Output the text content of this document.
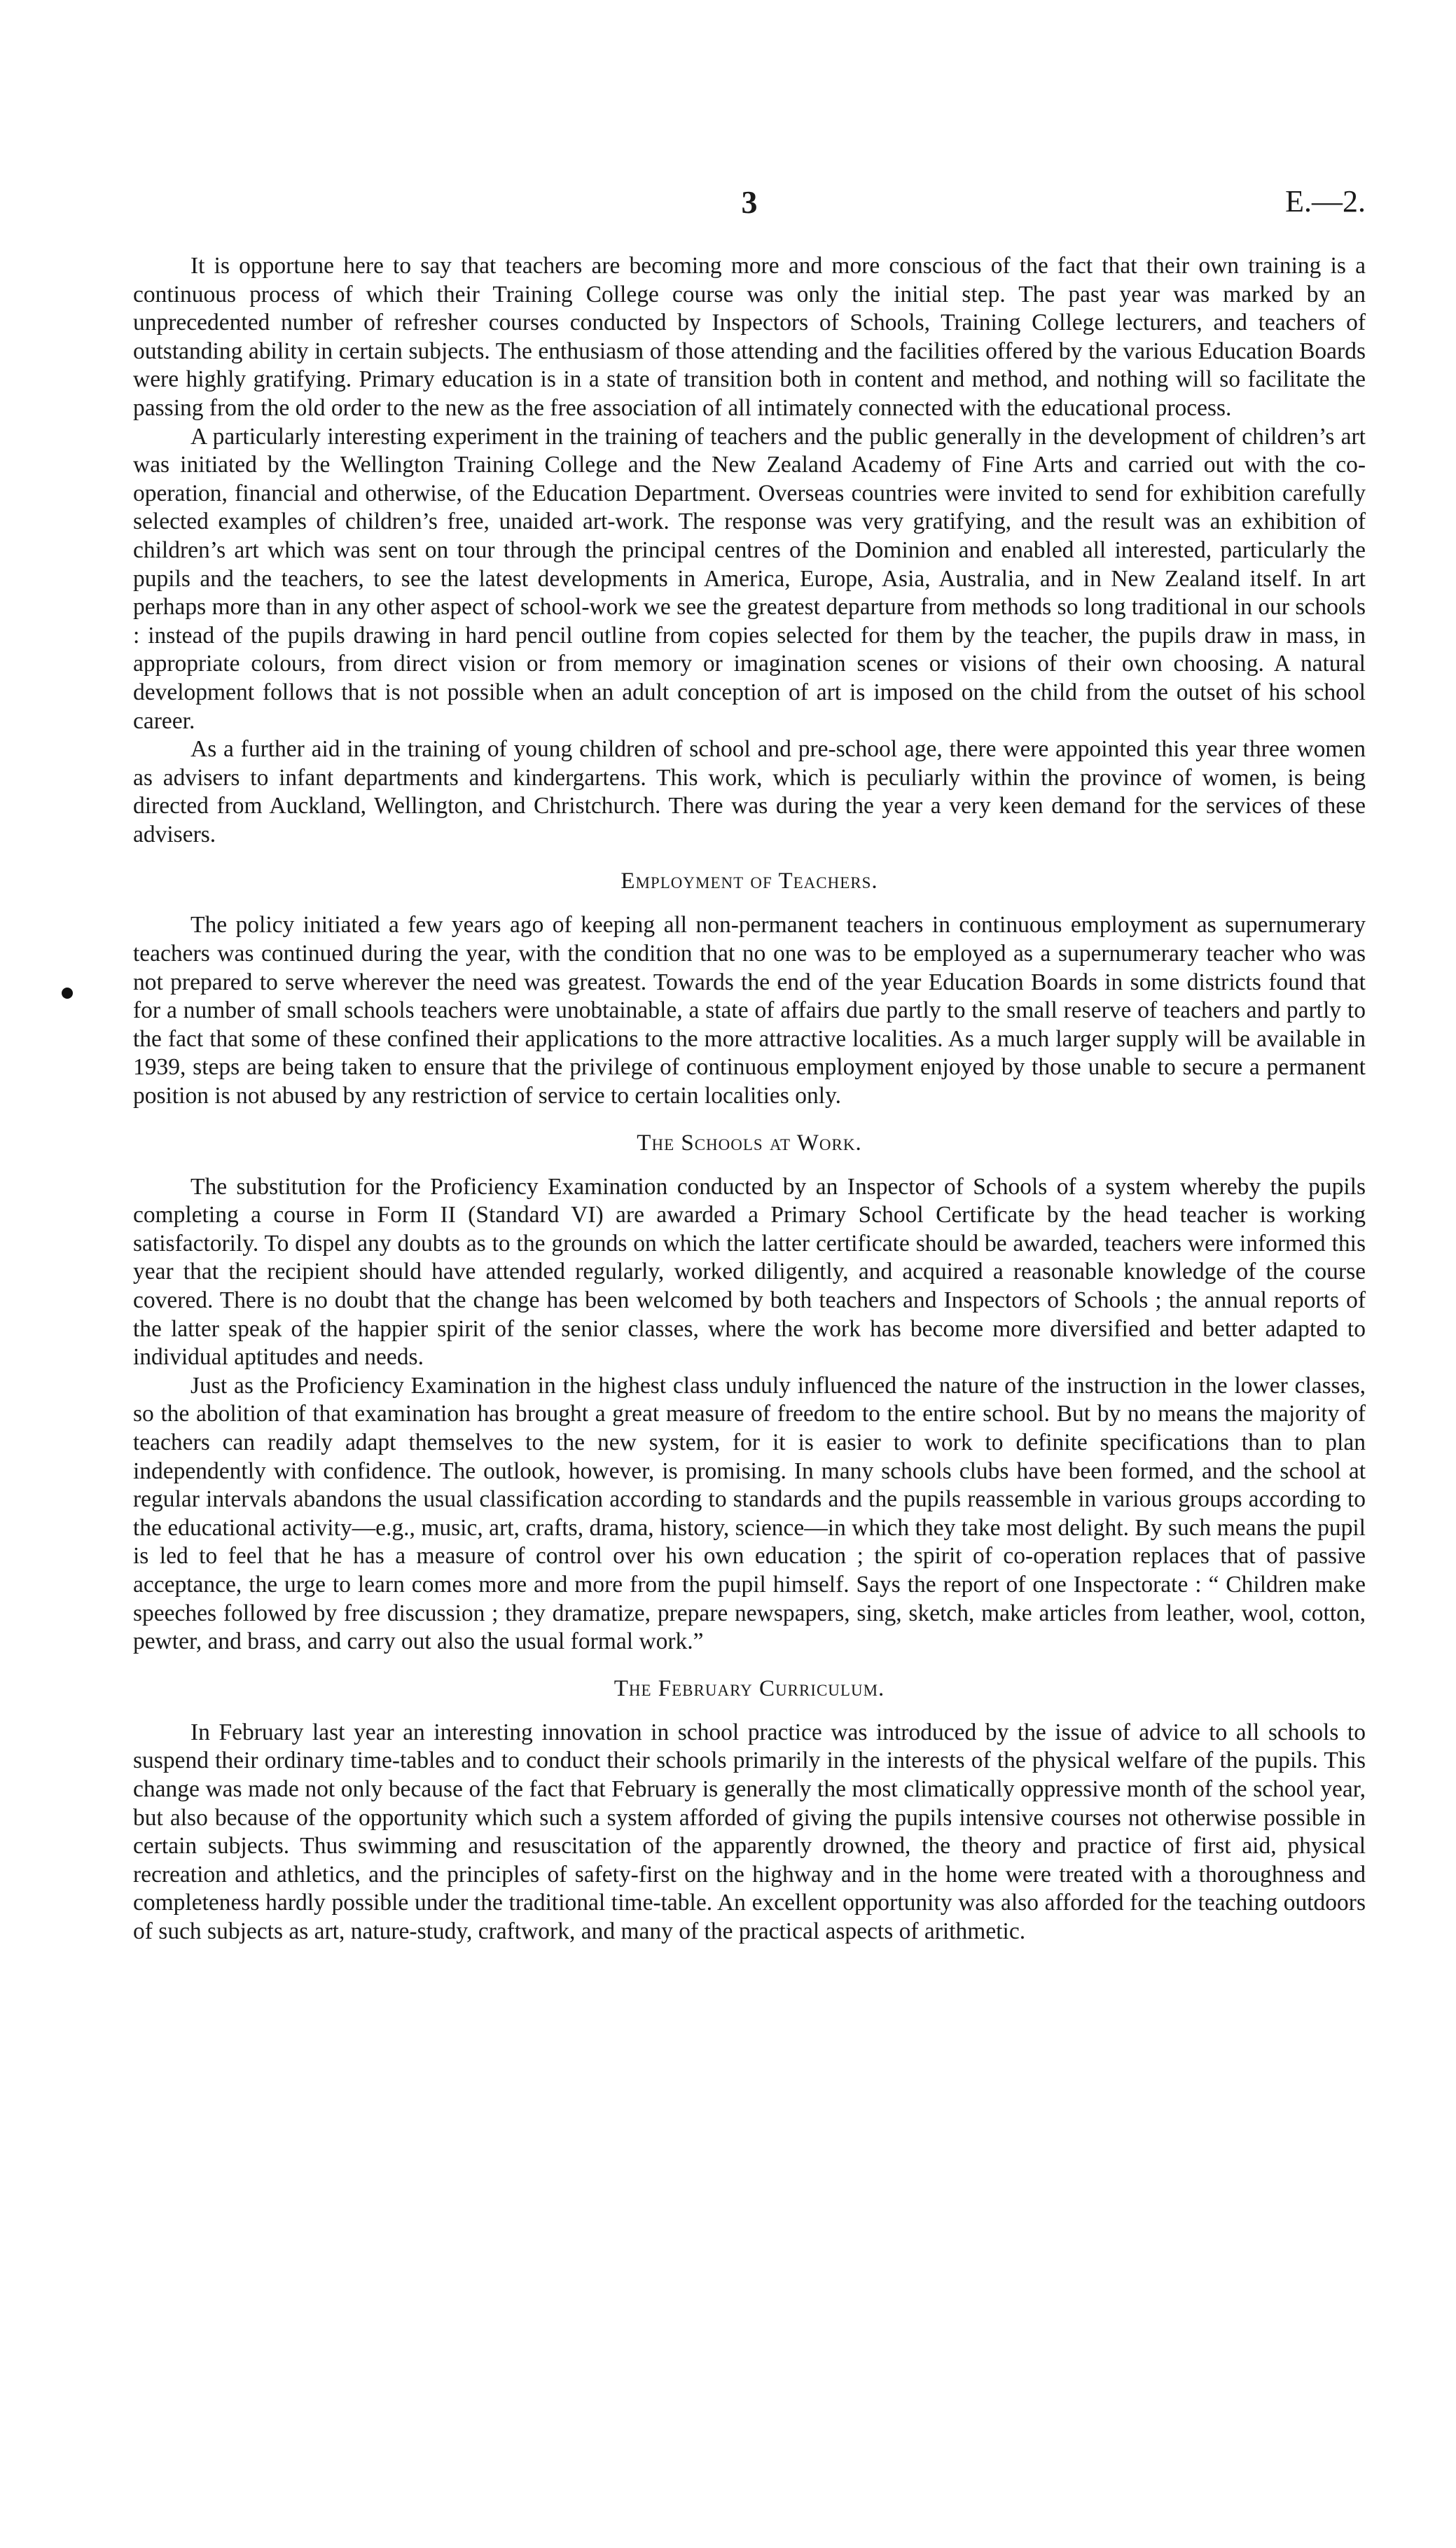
3	E.—2.

It is opportune here to say that teachers are becoming more and more conscious of the fact that their own training is a continuous process of which their Training College course was only the initial step. The past year was marked by an unprecedented number of refresher courses conducted by Inspectors of Schools, Training College lecturers, and teachers of outstanding ability in certain subjects. The enthusiasm of those attending and the facilities offered by the various Education Boards were highly gratifying. Primary education is in a state of transition both in content and method, and nothing will so facilitate the passing from the old order to the new as the free association of all intimately connected with the educational process.

A particularly interesting experiment in the training of teachers and the public generally in the development of children’s art was initiated by the Wellington Training College and the New Zealand Academy of Fine Arts and carried out with the co-operation, financial and otherwise, of the Education Department. Overseas countries were invited to send for exhibition carefully selected examples of children’s free, unaided art-work. The response was very gratifying, and the result was an exhibition of children’s art which was sent on tour through the principal centres of the Dominion and enabled all interested, particularly the pupils and the teachers, to see the latest developments in America, Europe, Asia, Australia, and in New Zealand itself. In art perhaps more than in any other aspect of school-work we see the greatest departure from methods so long traditional in our schools : instead of the pupils drawing in hard pencil outline from copies selected for them by the teacher, the pupils draw in mass, in appropriate colours, from direct vision or from memory or imagination scenes or visions of their own choosing. A natural development follows that is not possible when an adult conception of art is imposed on the child from the outset of his school career.

As a further aid in the training of young children of school and pre-school age, there were appointed this year three women as advisers to infant departments and kindergartens. This work, which is peculiarly within the province of women, is being directed from Auckland, Wellington, and Christchurch. There was during the year a very keen demand for the services of these advisers.

Employment of Teachers.

The policy initiated a few years ago of keeping all non-permanent teachers in continuous employment as supernumerary teachers was continued during the year, with the condition that no one was to be employed as a supernumerary teacher who was not prepared to serve wherever the need was greatest. Towards the end of the year Education Boards in some districts found that for a number of small schools teachers were unobtainable, a state of affairs due partly to the small reserve of teachers and partly to the fact that some of these confined their applications to the more attractive localities. As a much larger supply will be available in 1939, steps are being taken to ensure that the privilege of continuous employment enjoyed by those unable to secure a permanent position is not abused by any restriction of service to certain localities only.

The Schools at Work.

The substitution for the Proficiency Examination conducted by an Inspector of Schools of a system whereby the pupils completing a course in Form II (Standard VI) are awarded a Primary School Certificate by the head teacher is working satisfactorily. To dispel any doubts as to the grounds on which the latter certificate should be awarded, teachers were informed this year that the recipient should have attended regularly, worked diligently, and acquired a reasonable knowledge of the course covered. There is no doubt that the change has been welcomed by both teachers and Inspectors of Schools ; the annual reports of the latter speak of the happier spirit of the senior classes, where the work has become more diversified and better adapted to individual aptitudes and needs.

Just as the Proficiency Examination in the highest class unduly influenced the nature of the instruction in the lower classes, so the abolition of that examination has brought a great measure of freedom to the entire school. But by no means the majority of teachers can readily adapt themselves to the new system, for it is easier to work to definite specifications than to plan independently with confidence. The outlook, however, is promising. In many schools clubs have been formed, and the school at regular intervals abandons the usual classification according to standards and the pupils reassemble in various groups according to the educational activity—e.g., music, art, crafts, drama, history, science—in which they take most delight. By such means the pupil is led to feel that he has a measure of control over his own education ; the spirit of co-operation replaces that of passive acceptance, the urge to learn comes more and more from the pupil himself. Says the report of one Inspectorate : “ Children make speeches followed by free discussion ; they dramatize, prepare newspapers, sing, sketch, make articles from leather, wool, cotton, pewter, and brass, and carry out also the usual formal work.”

The February Curriculum.

In February last year an interesting innovation in school practice was introduced by the issue of advice to all schools to suspend their ordinary time-tables and to conduct their schools primarily in the interests of the physical welfare of the pupils. This change was made not only because of the fact that February is generally the most climatically oppressive month of the school year, but also because of the opportunity which such a system afforded of giving the pupils intensive courses not otherwise possible in certain subjects. Thus swimming and resuscitation of the apparently drowned, the theory and practice of first aid, physical recreation and athletics, and the principles of safety-first on the highway and in the home were treated with a thoroughness and completeness hardly possible under the traditional time-table. An excellent opportunity was also afforded for the teaching outdoors of such subjects as art, nature-study, craftwork, and many of the practical aspects of arithmetic.
